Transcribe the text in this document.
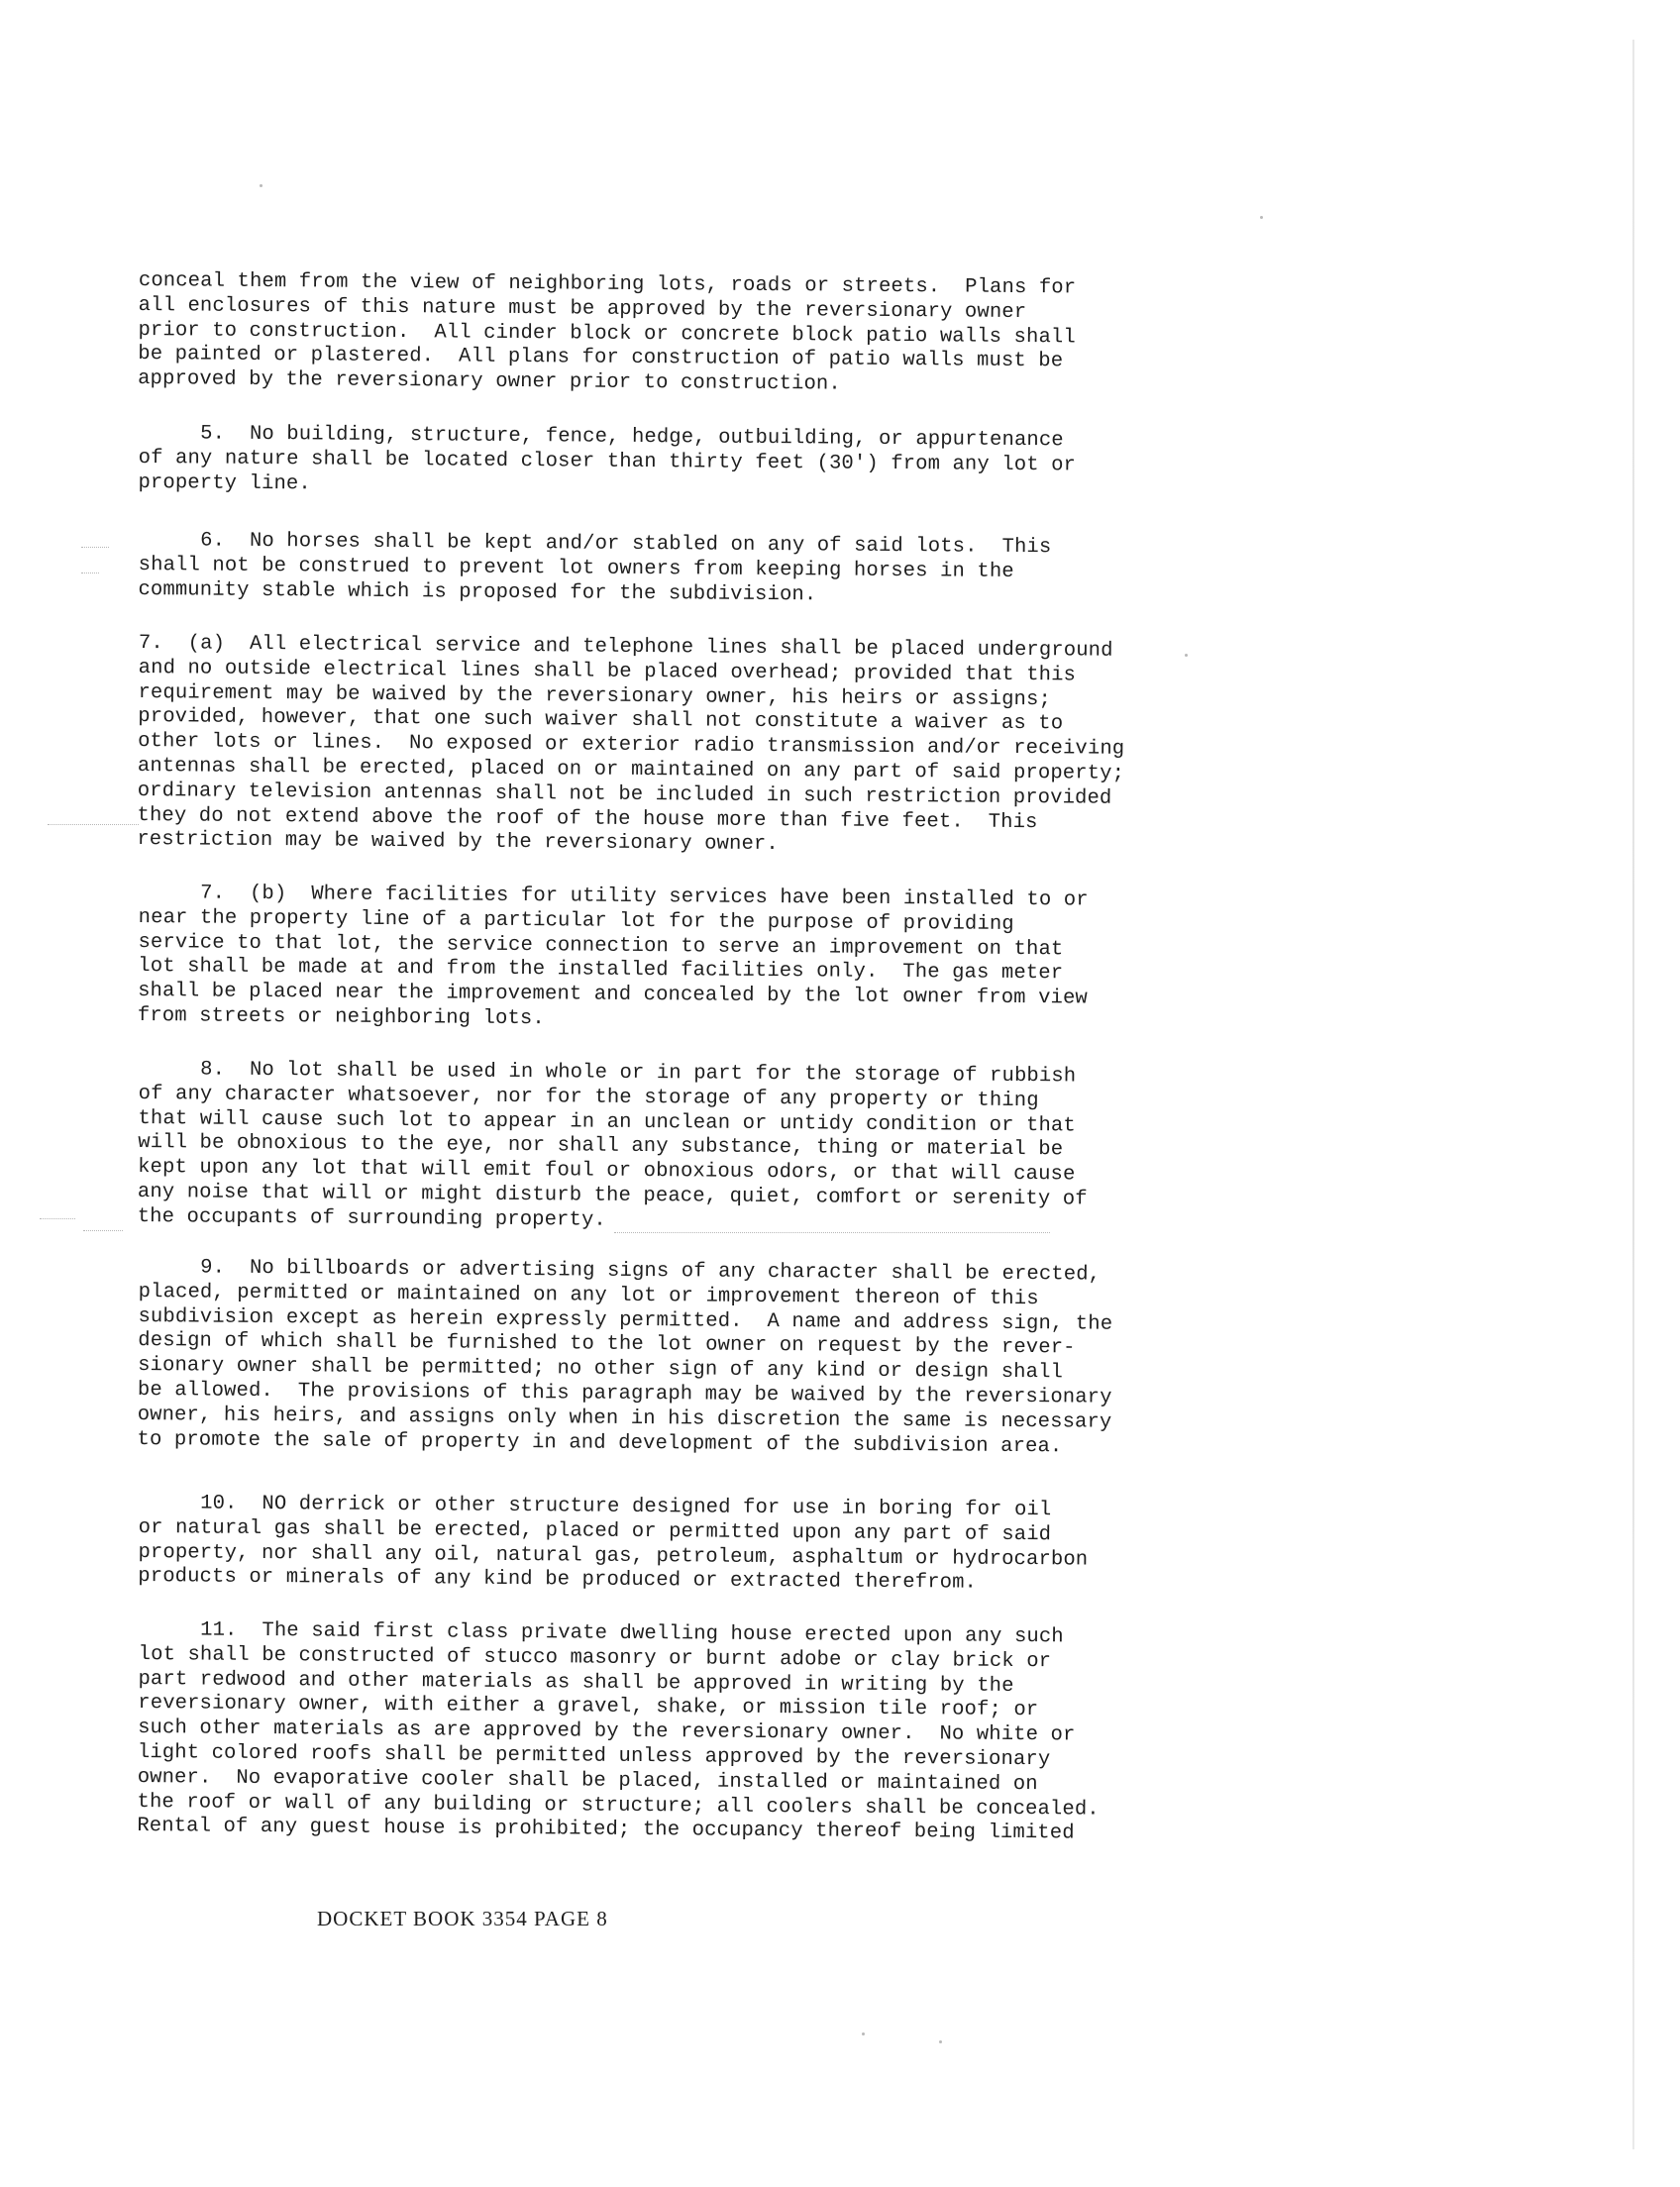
conceal them from the view of neighboring lots, roads or streets.  Plans for
all enclosures of this nature must be approved by the reversionary owner
prior to construction.  All cinder block or concrete block patio walls shall
be painted or plastered.  All plans for construction of patio walls must be
approved by the reversionary owner prior to construction.

5.  No building, structure, fence, hedge, outbuilding, or appurtenance
of any nature shall be located closer than thirty feet (30') from any lot or
property line.

6.  No horses shall be kept and/or stabled on any of said lots.  This
shall not be construed to prevent lot owners from keeping horses in the
community stable which is proposed for the subdivision.

7.  (a)  All electrical service and telephone lines shall be placed underground
and no outside electrical lines shall be placed overhead; provided that this
requirement may be waived by the reversionary owner, his heirs or assigns;
provided, however, that one such waiver shall not constitute a waiver as to
other lots or lines.  No exposed or exterior radio transmission and/or receiving
antennas shall be erected, placed on or maintained on any part of said property;
ordinary television antennas shall not be included in such restriction provided
they do not extend above the roof of the house more than five feet.  This
restriction may be waived by the reversionary owner.

7.  (b)  Where facilities for utility services have been installed to or
near the property line of a particular lot for the purpose of providing
service to that lot, the service connection to serve an improvement on that
lot shall be made at and from the installed facilities only.  The gas meter
shall be placed near the improvement and concealed by the lot owner from view
from streets or neighboring lots.

8.  No lot shall be used in whole or in part for the storage of rubbish
of any character whatsoever, nor for the storage of any property or thing
that will cause such lot to appear in an unclean or untidy condition or that
will be obnoxious to the eye, nor shall any substance, thing or material be
kept upon any lot that will emit foul or obnoxious odors, or that will cause
any noise that will or might disturb the peace, quiet, comfort or serenity of
the occupants of surrounding property.

9.  No billboards or advertising signs of any character shall be erected,
placed, permitted or maintained on any lot or improvement thereon of this
subdivision except as herein expressly permitted.  A name and address sign, the
design of which shall be furnished to the lot owner on request by the rever-
sionary owner shall be permitted; no other sign of any kind or design shall
be allowed.  The provisions of this paragraph may be waived by the reversionary
owner, his heirs, and assigns only when in his discretion the same is necessary
to promote the sale of property in and development of the subdivision area.

10.  NO derrick or other structure designed for use in boring for oil
or natural gas shall be erected, placed or permitted upon any part of said
property, nor shall any oil, natural gas, petroleum, asphaltum or hydrocarbon
products or minerals of any kind be produced or extracted therefrom.

11.  The said first class private dwelling house erected upon any such
lot shall be constructed of stucco masonry or burnt adobe or clay brick or
part redwood and other materials as shall be approved in writing by the
reversionary owner, with either a gravel, shake, or mission tile roof; or
such other materials as are approved by the reversionary owner.  No white or
light colored roofs shall be permitted unless approved by the reversionary
owner.  No evaporative cooler shall be placed, installed or maintained on
the roof or wall of any building or structure; all coolers shall be concealed.
Rental of any guest house is prohibited; the occupancy thereof being limited

DOCKET BOOK 3354 PAGE 8
